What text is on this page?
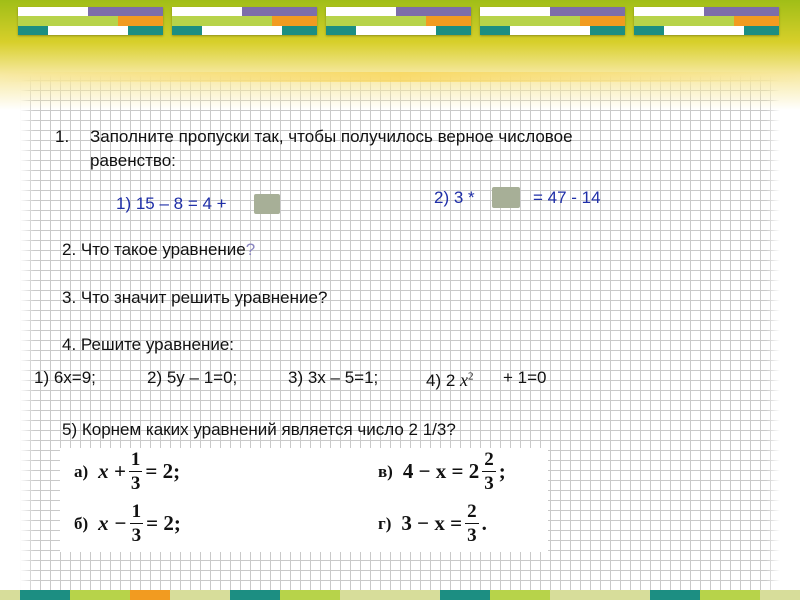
1. Заполните пропуски так, чтобы получилось верное числовое
равенство:
1) 15 – 8 = 4 +	2) 3 *	= 47 - 14
2. Что такое уравнение?
3. Что значит решить уравнение?
4. Решите уравнение:
1) 6х=9;	2) 5у – 1=0;	3) 3х – 5=1;	4) 2 $x^2 + 1=0$
5) Корнем каких уравнений является число 2 1/3?
а) $x + \frac{1}{3} = 2$;	в) $4 - x = 2 \frac{2}{3}$ ;
б) $x - \frac{1}{3} = 2$;	г) $3 - x = \frac{2}{3}$ .
